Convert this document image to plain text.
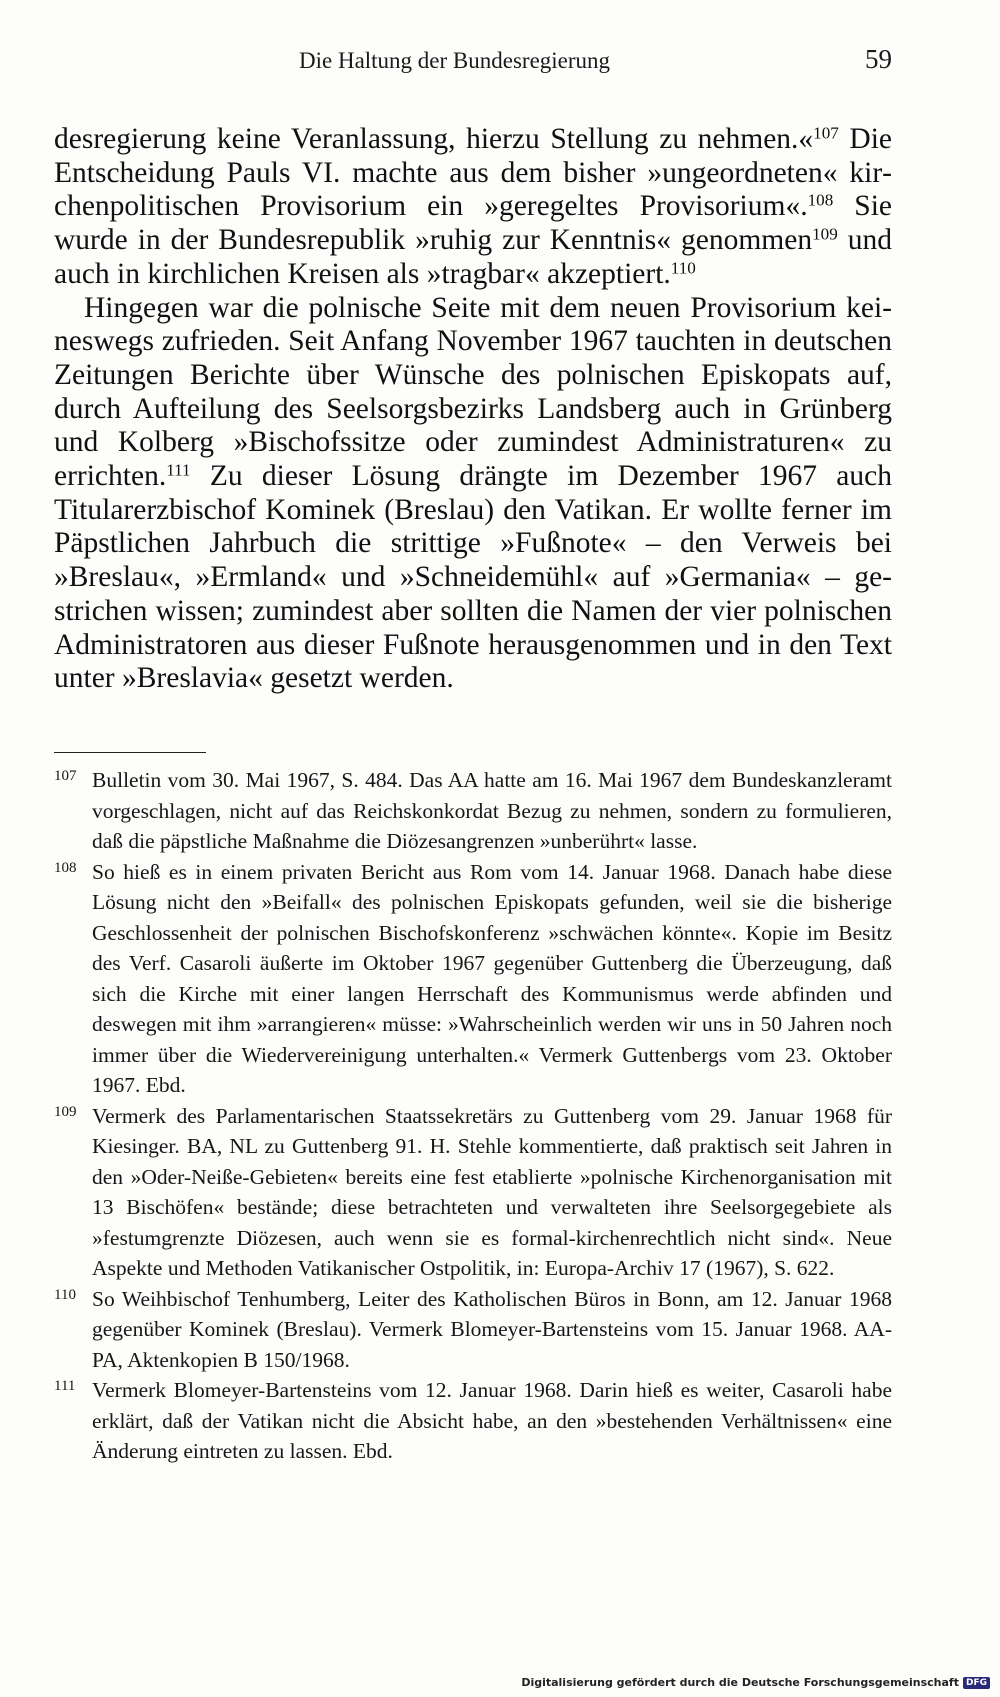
Die Haltung der Bundesregierung	59

desregierung keine Veranlassung, hierzu Stellung zu nehmen.«$^{107}$ Die Entscheidung Pauls VI. machte aus dem bisher »ungeordneten« kirchenpolitischen Provisorium ein »geregeltes Provisorium«.$^{108}$ Sie wurde in der Bundesrepublik »ruhig zur Kenntnis« genommen$^{109}$ und auch in kirchlichen Kreisen als »tragbar« akzeptiert.$^{110}$

Hingegen war die polnische Seite mit dem neuen Provisorium keineswegs zufrieden. Seit Anfang November 1967 tauchten in deutschen Zeitungen Berichte über Wünsche des polnischen Episkopats auf, durch Aufteilung des Seelsorgsbezirks Landsberg auch in Grünberg und Kolberg »Bischofssitze oder zumindest Administraturen« zu errichten.$^{111}$ Zu dieser Lösung drängte im Dezember 1967 auch Titularerzbischof Kominek (Breslau) den Vatikan. Er wollte ferner im Päpstlichen Jahrbuch die strittige »Fußnote« – den Verweis bei »Breslau«, »Ermland« und »Schneidemühl« auf »Germania« – gestrichen wissen; zumindest aber sollten die Namen der vier polnischen Administratoren aus dieser Fußnote herausgenommen und in den Text unter »Breslavia« gesetzt werden.

107 Bulletin vom 30. Mai 1967, S. 484. Das AA hatte am 16. Mai 1967 dem Bundeskanzleramt vorgeschlagen, nicht auf das Reichskonkordat Bezug zu nehmen, sondern zu formulieren, daß die päpstliche Maßnahme die Diözesangrenzen »unberührt« lasse.
108 So hieß es in einem privaten Bericht aus Rom vom 14. Januar 1968. Danach habe diese Lösung nicht den »Beifall« des polnischen Episkopats gefunden, weil sie die bisherige Geschlossenheit der polnischen Bischofskonferenz »schwächen könnte«. Kopie im Besitz des Verf. Casaroli äußerte im Oktober 1967 gegenüber Guttenberg die Überzeugung, daß sich die Kirche mit einer langen Herrschaft des Kommunismus werde abfinden und deswegen mit ihm »arrangieren« müsse: »Wahrscheinlich werden wir uns in 50 Jahren noch immer über die Wiedervereinigung unterhalten.« Vermerk Guttenbergs vom 23. Oktober 1967. Ebd.
109 Vermerk des Parlamentarischen Staatssekretärs zu Guttenberg vom 29. Januar 1968 für Kiesinger. BA, NL zu Guttenberg 91. H. Stehle kommentierte, daß praktisch seit Jahren in den »Oder-Neiße-Gebieten« bereits eine fest etablierte »polnische Kirchenorganisation mit 13 Bischöfen« bestände; diese betrachteten und verwalteten ihre Seelsorgegebiete als »festumgrenzte Diözesen, auch wenn sie es formal-kirchenrechtlich nicht sind«. Neue Aspekte und Methoden Vatikanischer Ostpolitik, in: Europa-Archiv 17 (1967), S. 622.
110 So Weihbischof Tenhumberg, Leiter des Katholischen Büros in Bonn, am 12. Januar 1968 gegenüber Kominek (Breslau). Vermerk Blomeyer-Bartensteins vom 15. Januar 1968. AA-PA, Aktenkopien B 150/1968.
111 Vermerk Blomeyer-Bartensteins vom 12. Januar 1968. Darin hieß es weiter, Casaroli habe erklärt, daß der Vatikan nicht die Absicht habe, an den »bestehenden Verhältnissen« eine Änderung eintreten zu lassen. Ebd.
Digitalisierung gefördert durch die Deutsche Forschungsgemeinschaft DFG
